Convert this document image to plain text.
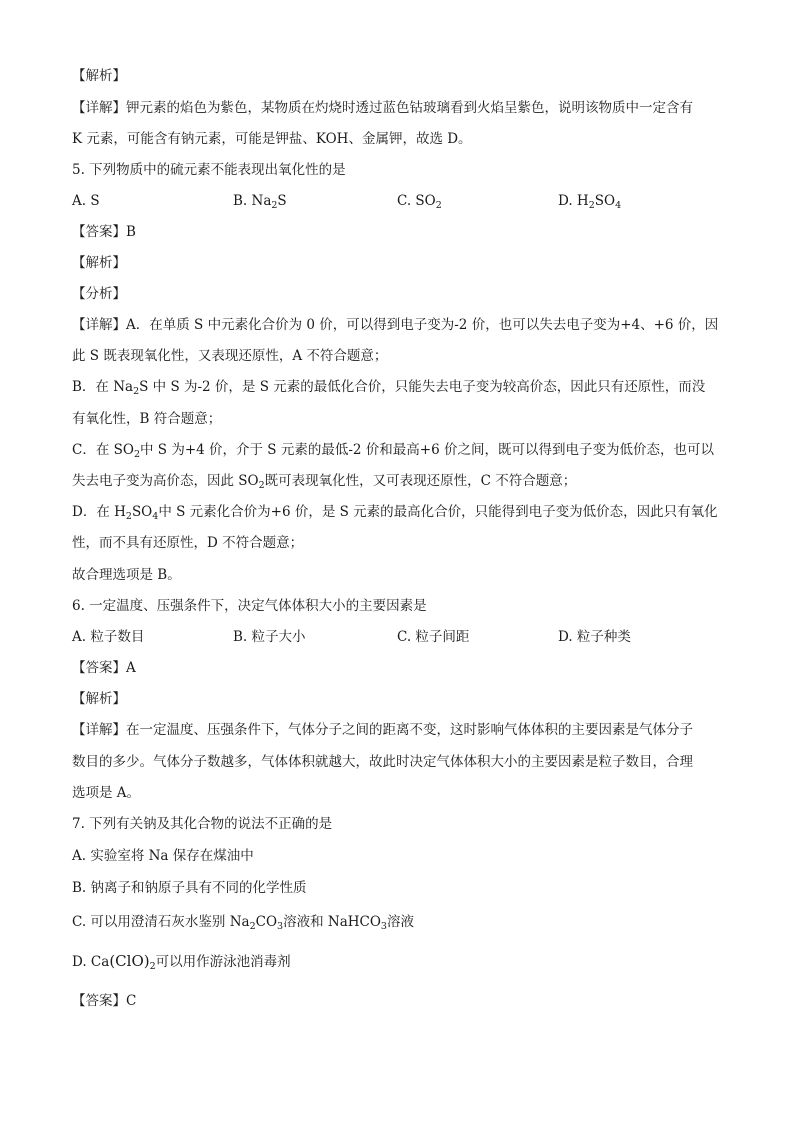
【解析】
【详解】钾元素的焰色为紫色，某物质在灼烧时透过蓝色钴玻璃看到火焰呈紫色，说明该物质中一定含有
K 元素，可能含有钠元素，可能是钾盐、KOH、金属钾，故选 D。
5. 下列物质中的硫元素不能表现出氧化性的是
A. S	B. $Na_2S$	C. $SO_2$	D. $H_2SO_4$
【答案】B
【解析】
【分析】
【详解】A．在单质 S 中元素化合价为 0 价，可以得到电子变为-2 价，也可以失去电子变为+4、+6 价，因
此 S 既表现氧化性，又表现还原性，A 不符合题意；
B．在 $Na_2S$ 中 S 为-2 价，是 S 元素的最低化合价，只能失去电子变为较高价态，因此只有还原性，而没
有氧化性，B 符合题意；
C．在 $SO_2$中 S 为+4 价，介于 S 元素的最低-2 价和最高+6 价之间，既可以得到电子变为低价态，也可以
失去电子变为高价态，因此 $SO_2$既可表现氧化性，又可表现还原性，C 不符合题意；
D．在 $H_2SO_4$中 S 元素化合价为+6 价，是 S 元素的最高化合价，只能得到电子变为低价态，因此只有氧化
性，而不具有还原性，D 不符合题意；
故合理选项是 B。
6. 一定温度、压强条件下，决定气体体积大小的主要因素是
A. 粒子数目	B. 粒子大小	C. 粒子间距	D. 粒子种类
【答案】A
【解析】
【详解】在一定温度、压强条件下，气体分子之间的距离不变，这时影响气体体积的主要因素是气体分子
数目的多少。气体分子数越多，气体体积就越大，故此时决定气体体积大小的主要因素是粒子数目，合理
选项是 A。
7. 下列有关钠及其化合物的说法不正确的是
A. 实验室将 Na 保存在煤油中
B. 钠离子和钠原子具有不同的化学性质
C. 可以用澄清石灰水鉴别 $Na_2CO_3$溶液和 NaHCO$_3$溶液
D. $Ca(ClO)_2$可以用作游泳池消毒剂
【答案】C
